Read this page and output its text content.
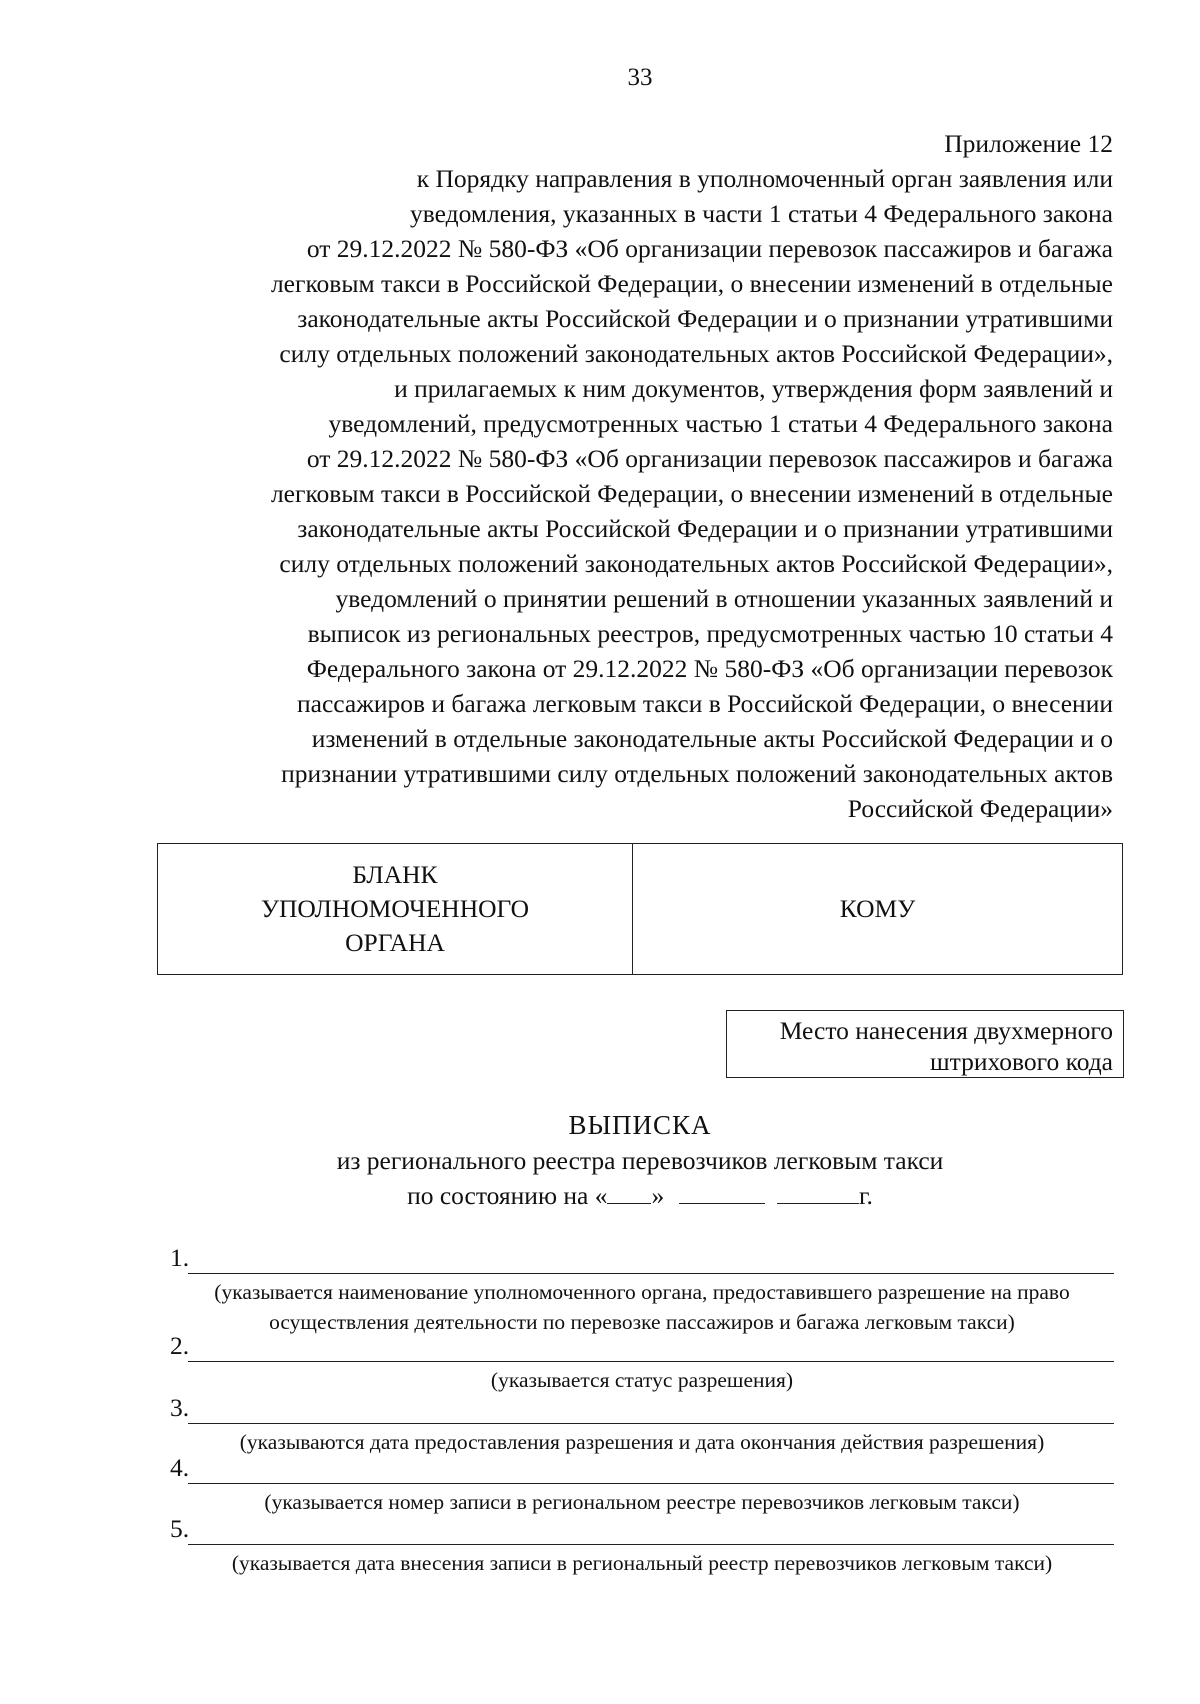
33
Приложение 12
к Порядку направления в уполномоченный орган заявления или
уведомления, указанных в части 1 статьи 4 Федерального закона
от 29.12.2022 № 580-ФЗ «Об организации перевозок пассажиров и багажа
легковым такси в Российской Федерации, о внесении изменений в отдельные
законодательные акты Российской Федерации и о признании утратившими
силу отдельных положений законодательных актов Российской Федерации»,
и прилагаемых к ним документов, утверждения форм заявлений и
уведомлений, предусмотренных частью 1 статьи 4 Федерального закона
от 29.12.2022 № 580-ФЗ «Об организации перевозок пассажиров и багажа
легковым такси в Российской Федерации, о внесении изменений в отдельные
законодательные акты Российской Федерации и о признании утратившими
силу отдельных положений законодательных актов Российской Федерации»,
уведомлений о принятии решений в отношении указанных заявлений и
выписок из региональных реестров, предусмотренных частью 10 статьи 4
Федерального закона от 29.12.2022 № 580-ФЗ «Об организации перевозок
пассажиров и багажа легковым такси в Российской Федерации, о внесении
изменений в отдельные законодательные акты Российской Федерации и о
признании утратившими силу отдельных положений законодательных актов
Российской Федерации»
БЛАНК
УПОЛНОМОЧЕННОГО
ОРГАНА
КОМУ
Место нанесения двухмерного
штрихового кода
ВЫПИСКА
из регионального реестра перевозчиков легковым такси
по состоянию на « »	г.
1.
(указывается наименование уполномоченного органа, предоставившего разрешение на право осуществления деятельности по перевозке пассажиров и багажа легковым такси)
2.
(указывается статус разрешения)
3.
(указываются дата предоставления разрешения и дата окончания действия разрешения)
4.
(указывается номер записи в региональном реестре перевозчиков легковым такси)
5.
(указывается дата внесения записи в региональный реестр перевозчиков легковым такси)
